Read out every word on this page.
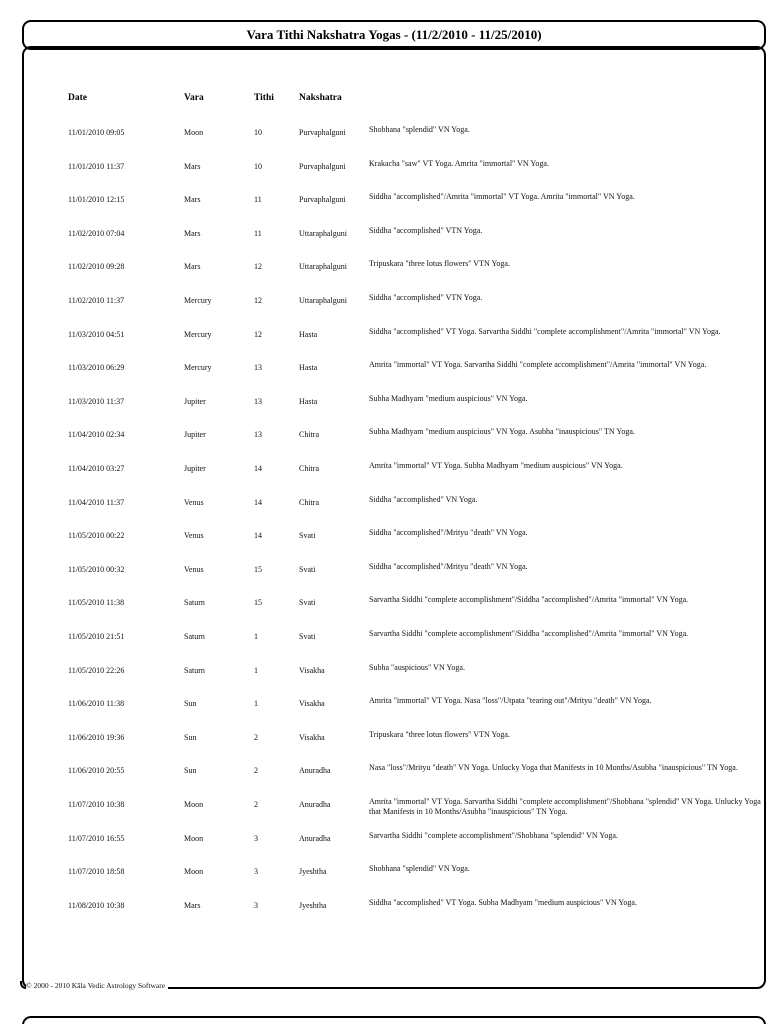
Vara Tithi Nakshatra Yogas - (11/2/2010 - 11/25/2010)
Date	Vara	Tithi	Nakshatra
11/01/2010 09:05	Moon	10	Purvaphalguni	Shobhana "splendid" VN Yoga.
11/01/2010 11:37	Mars	10	Purvaphalguni	Krakacha "saw" VT Yoga. Amrita "immortal" VN Yoga.
11/01/2010 12:15	Mars	11	Purvaphalguni	Siddha "accomplished"/Amrita "immortal" VT Yoga. Amrita "immortal" VN Yoga.
11/02/2010 07:04	Mars	11	Uttaraphalguni	Siddha "accomplished" VTN Yoga.
11/02/2010 09:28	Mars	12	Uttaraphalguni	Tripuskara "three lotus flowers" VTN Yoga.
11/02/2010 11:37	Mercury	12	Uttaraphalguni	Siddha "accomplished" VTN Yoga.
11/03/2010 04:51	Mercury	12	Hasta	Siddha "accomplished" VT Yoga. Sarvartha Siddhi "complete accomplishment"/Amrita "immortal" VN Yoga.
11/03/2010 06:29	Mercury	13	Hasta	Amrita "immortal" VT Yoga. Sarvartha Siddhi "complete accomplishment"/Amrita "immortal" VN Yoga.
11/03/2010 11:37	Jupiter	13	Hasta	Subha Madhyam "medium auspicious" VN Yoga.
11/04/2010 02:34	Jupiter	13	Chitra	Subha Madhyam "medium auspicious" VN Yoga. Asubha "inauspicious" TN Yoga.
11/04/2010 03:27	Jupiter	14	Chitra	Amrita "immortal" VT Yoga. Subha Madhyam "medium auspicious" VN Yoga.
11/04/2010 11:37	Venus	14	Chitra	Siddha "accomplished" VN Yoga.
11/05/2010 00:22	Venus	14	Svati	Siddha "accomplished"/Mrityu "death" VN Yoga.
11/05/2010 00:32	Venus	15	Svati	Siddha "accomplished"/Mrityu "death" VN Yoga.
11/05/2010 11:38	Saturn	15	Svati	Sarvartha Siddhi "complete accomplishment"/Siddha "accomplished"/Amrita "immortal" VN Yoga.
11/05/2010 21:51	Saturn	1	Svati	Sarvartha Siddhi "complete accomplishment"/Siddha "accomplished"/Amrita "immortal" VN Yoga.
11/05/2010 22:26	Saturn	1	Visakha	Subha "auspicious" VN Yoga.
11/06/2010 11:38	Sun	1	Visakha	Amrita "immortal" VT Yoga. Nasa "loss"/Utpata "tearing out"/Mrityu "death" VN Yoga.
11/06/2010 19:36	Sun	2	Visakha	Tripuskara "three lotus flowers" VTN Yoga.
11/06/2010 20:55	Sun	2	Anuradha	Nasa "loss"/Mrityu "death" VN Yoga. Unlucky Yoga that Manifests in 10 Months/Asubha "inauspicious" TN Yoga.
11/07/2010 10:38	Moon	2	Anuradha	Amrita "immortal" VT Yoga. Sarvartha Siddhi "complete accomplishment"/Shobhana "splendid" VN Yoga. Unlucky Yoga that Manifests in 10 Months/Asubha "inauspicious" TN Yoga.
11/07/2010 16:55	Moon	3	Anuradha	Sarvartha Siddhi "complete accomplishment"/Shobhana "splendid" VN Yoga.
11/07/2010 18:58	Moon	3	Jyeshtha	Shobhana "splendid" VN Yoga.
11/08/2010 10:38	Mars	3	Jyeshtha	Siddha "accomplished" VT Yoga. Subha Madhyam "medium auspicious" VN Yoga.
© 2000 - 2010 Kāla Vedic Astrology Software
